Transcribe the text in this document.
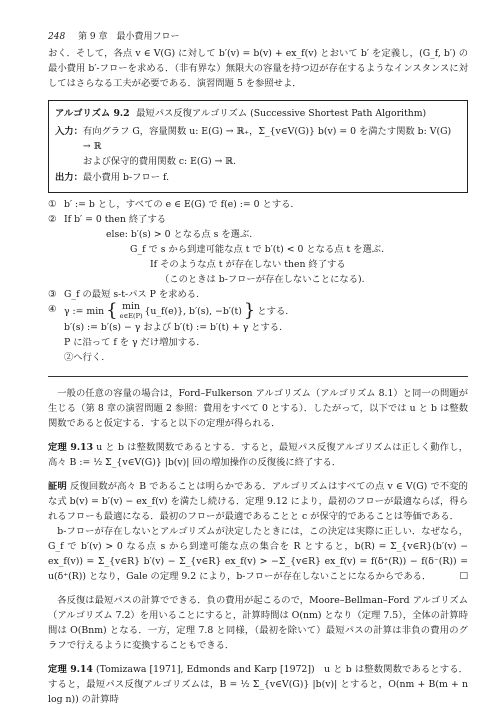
248 第 9 章　最小費用フロー

おく．そして，各点 v ∈ V(G) に対して b′(v) = b(v) + ex_f(v) とおいて b′ を定義し，(G_f, b′) の最小費用 b′-フローを求める．（非有界な）無限大の容量を持つ辺が存在するようなインスタンスに対してはさらなる工夫が必要である．演習問題 5 を参照せよ．

アルゴリズム 9.2 最短パス反復アルゴリズム (Successive Shortest Path Algorithm)
入力： 有向グラフ G，容量関数 u: E(G) → ℝ₊，Σ_{v∈V(G)} b(v) = 0 を満たす関数 b: V(G) → ℝ
および保守的費用関数 c: E(G) → ℝ.
出力： 最小費用 b-フロー f.
① b′ := b とし，すべての e ∈ E(G) で f(e) := 0 とする.
② If b′ = 0 then 終了する
else: b′(s) > 0 となる点 s を選ぶ.
G_f で s から到達可能な点 t で b′(t) < 0 となる点 t を選ぶ.
If そのような点 t が存在しない then 終了する
（このときは b-フローが存在しないことになる).
③ G_f の最短 s-t-パス P を求める.
④ γ := min { min
e∈E(P) {u_f(e)}, b′(s), −b′(t) } とする.
b′(s) := b′(s) − γ および b′(t) := b′(t) + γ とする.
P に沿って f を γ だけ増加する.
②へ行く.

一般の任意の容量の場合は，Ford–Fulkerson アルゴリズム（アルゴリズム 8.1）と同一の問題が生じる（第 8 章の演習問題 2 参照：費用をすべて 0 とする）．したがって，以下では u と b は整数関数であると仮定する．すると以下の定理が得られる．

定理 9.13 u と b は整数関数であるとする．すると，最短パス反復アルゴリズムは正しく動作し，高々 B := ½ Σ_{v∈V(G)} |b(v)| 回の増加操作の反復後に終了する．

証明 反復回数が高々 B であることは明らかである．アルゴリズムはすべての点 v ∈ V(G) で不変的な式 b(v) = b′(v) − ex_f(v) を満たし続ける．定理 9.12 により，最初のフローが最適ならば，得られるフローも最適になる．最初のフローが最適であることと c が保守的であることは等価である．

b-フローが存在しないとアルゴリズムが決定したときには，この決定は実際に正しい．なぜなら，G_f で b′(v) > 0 なる点 s から到達可能な点の集合を R とすると，b(R) = Σ_{v∈R}(b′(v) − ex_f(v)) = Σ_{v∈R} b′(v) − Σ_{v∈R} ex_f(v) > −Σ_{v∈R} ex_f(v) = f(δ⁺(R)) − f(δ⁻(R)) = u(δ⁺(R)) となり，Gale の定理 9.2 により，b-フローが存在しないことになるからである．	□

各反復は最短パスの計算でできる．負の費用が起こるので，Moore–Bellman–Ford アルゴリズム（アルゴリズム 7.2）を用いることにすると，計算時間は O(nm) となり（定理 7.5），全体の計算時間は O(Bnm) となる．一方，定理 7.8 と同様，（最初を除いて）最短パスの計算は非負の費用のグラフで行えるように変換することもできる．

定理 9.14 (Tomizawa [1971], Edmonds and Karp [1972])　u と b は整数関数であるとする．すると，最短パス反復アルゴリズムは，B = ½ Σ_{v∈V(G)} |b(v)| とすると，O(nm + B(m + n log n)) の計算時
